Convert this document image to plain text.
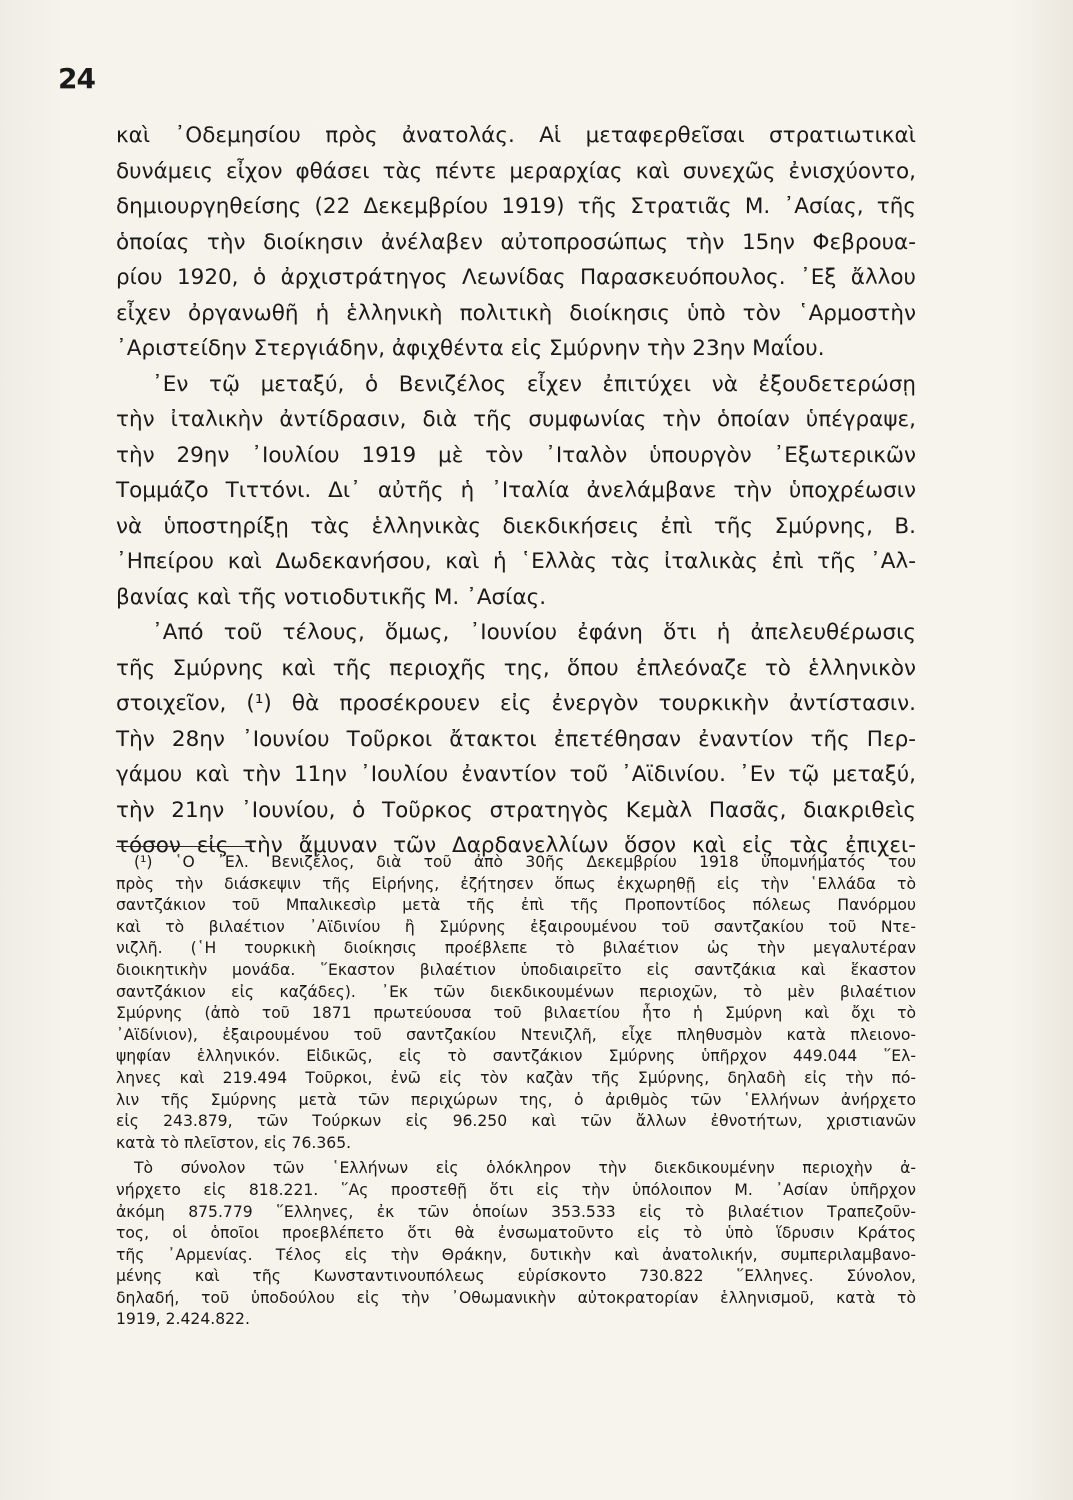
24
καὶ ᾿Οδεμησίου πρὸς ἀνατολάς. Αἱ μεταφερθεῖσαι στρατιωτικαὶ
δυνάμεις εἶχον φθάσει τὰς πέντε μεραρχίας καὶ συνεχῶς ἐνισχύοντο,
δημιουργηθείσης (22 Δεκεμβρίου 1919) τῆς Στρατιᾶς Μ. ᾿Ασίας, τῆς
ὁποίας τὴν διοίκησιν ἀνέλαβεν αὐτοπροσώπως τὴν 15ην Φεβρουα-
ρίου 1920, ὁ ἀρχιστράτηγος Λεωνίδας Παρασκευόπουλος. ᾿Εξ ἄλλου
εἶχεν ὀργανωθῆ ἡ ἑλληνικὴ πολιτικὴ διοίκησις ὑπὸ τὸν ῾Αρμοστὴν
᾿Αριστείδην Στεργιάδην, ἀφιχθέντα εἰς Σμύρνην τὴν 23ην Μαΐου.
᾿Εν τῷ μεταξύ, ὁ Βενιζέλος εἶχεν ἐπιτύχει νὰ ἐξουδετερώσῃ
τὴν ἰταλικὴν ἀντίδρασιν, διὰ τῆς συμφωνίας τὴν ὁποίαν ὑπέγραψε,
τὴν 29ην ᾿Ιουλίου 1919 μὲ τὸν ᾿Ιταλὸν ὑπουργὸν ᾿Εξωτερικῶν
Τομμάζο Τιττόνι. Δι᾿ αὐτῆς ἡ ᾿Ιταλία ἀνελάμβανε τὴν ὑποχρέωσιν
νὰ ὑποστηρίξῃ τὰς ἑλληνικὰς διεκδικήσεις ἐπὶ τῆς Σμύρνης, Β.
᾿Ηπείρου καὶ Δωδεκανήσου, καὶ ἡ ῾Ελλὰς τὰς ἰταλικὰς ἐπὶ τῆς ᾿Αλ-
βανίας καὶ τῆς νοτιοδυτικῆς Μ. ᾿Ασίας.
᾿Από τοῦ τέλους, ὅμως, ᾿Ιουνίου ἐφάνη ὅτι ἡ ἀπελευθέρωσις
τῆς Σμύρνης καὶ τῆς περιοχῆς της, ὅπου ἐπλεόναζε τὸ ἑλληνικὸν
στοιχεῖον, (¹) θὰ προσέκρουεν εἰς ἐνεργὸν τουρκικὴν ἀντίστασιν.
Τὴν 28ην ᾿Ιουνίου Τοῦρκοι ἄτακτοι ἐπετέθησαν ἐναντίον τῆς Περ-
γάμου καὶ τὴν 11ην ᾿Ιουλίου ἐναντίον τοῦ ᾿Αϊδινίου. ᾿Εν τῷ μεταξύ,
τὴν 21ην ᾿Ιουνίου, ὁ Τοῦρκος στρατηγὸς Κεμὰλ Πασᾶς, διακριθεὶς
τόσον εἰς τὴν ἄμυναν τῶν Δαρδανελλίων ὅσον καὶ εἰς τὰς ἐπιχει-
(¹) ῾Ο ᾿Ελ. Βενιζέλος, διὰ τοῦ ἀπὸ 30ῆς Δεκεμβρίου 1918 ὑπομνήματός του
πρὸς τὴν διάσκεψιν τῆς Εἰρήνης, ἐζήτησεν ὅπως ἐκχωρηθῇ εἰς τὴν ῾Ελλάδα τὸ
σαντζάκιον τοῦ Μπαλικεσὶρ μετὰ τῆς ἐπὶ τῆς Προποντίδος πόλεως Πανόρμου
καὶ τὸ βιλαέτιον ᾿Αϊδινίου ἢ Σμύρνης ἐξαιρουμένου τοῦ σαντζακίου τοῦ Ντε-
νιζλῆ. (῾Η τουρκικὴ διοίκησις προέβλεπε τὸ βιλαέτιον ὡς τὴν μεγαλυτέραν
διοικητικὴν μονάδα. ῞Εκαστον βιλαέτιον ὑποδιαιρεῖτο εἰς σαντζάκια καὶ ἕκαστον
σαντζάκιον εἰς καζάδες). ᾿Εκ τῶν διεκδικουμένων περιοχῶν, τὸ μὲν βιλαέτιον
Σμύρνης (ἀπὸ τοῦ 1871 πρωτεύουσα τοῦ βιλαετίου ἦτο ἡ Σμύρνη καὶ ὄχι τὸ
᾿Αϊδίνιον), ἐξαιρουμένου τοῦ σαντζακίου Ντενιζλῆ, εἶχε πληθυσμὸν κατὰ πλειονο-
ψηφίαν ἑλληνικόν. Εἰδικῶς, εἰς τὸ σαντζάκιον Σμύρνης ὑπῆρχον 449.044 ῞Ελ-
ληνες καὶ 219.494 Τοῦρκοι, ἐνῶ εἰς τὸν καζὰν τῆς Σμύρνης, δηλαδὴ εἰς τὴν πό-
λιν τῆς Σμύρνης μετὰ τῶν περιχώρων της, ὁ ἀριθμὸς τῶν ῾Ελλήνων ἀνήρχετο
εἰς 243.879, τῶν Τούρκων εἰς 96.250 καὶ τῶν ἄλλων ἐθνοτήτων, χριστιανῶν
κατὰ τὸ πλεῖστον, εἰς 76.365.
Τὸ σύνολον τῶν ῾Ελλήνων εἰς ὁλόκληρον τὴν διεκδικουμένην περιοχὴν ἀ-
νήρχετο εἰς 818.221. ῞Ας προστεθῇ ὅτι εἰς τὴν ὑπόλοιπον Μ. ᾿Ασίαν ὑπῆρχον
ἀκόμη 875.779 ῞Ελληνες, ἐκ τῶν ὁποίων 353.533 εἰς τὸ βιλαέτιον Τραπεζοῦν-
τος, οἱ ὁποῖοι προεβλέπετο ὅτι θὰ ἐνσωματοῦντο εἰς τὸ ὑπὸ ἵδρυσιν Κράτος
τῆς ᾿Αρμενίας. Τέλος εἰς τὴν Θράκην, δυτικὴν καὶ ἀνατολικήν, συμπεριλαμβανο-
μένης καὶ τῆς Κωνσταντινουπόλεως εὑρίσκοντο 730.822 ῞Ελληνες. Σύνολον,
δηλαδή, τοῦ ὑποδούλου εἰς τὴν ᾿Οθωμανικὴν αὐτοκρατορίαν ἑλληνισμοῦ, κατὰ τὸ
1919, 2.424.822.
